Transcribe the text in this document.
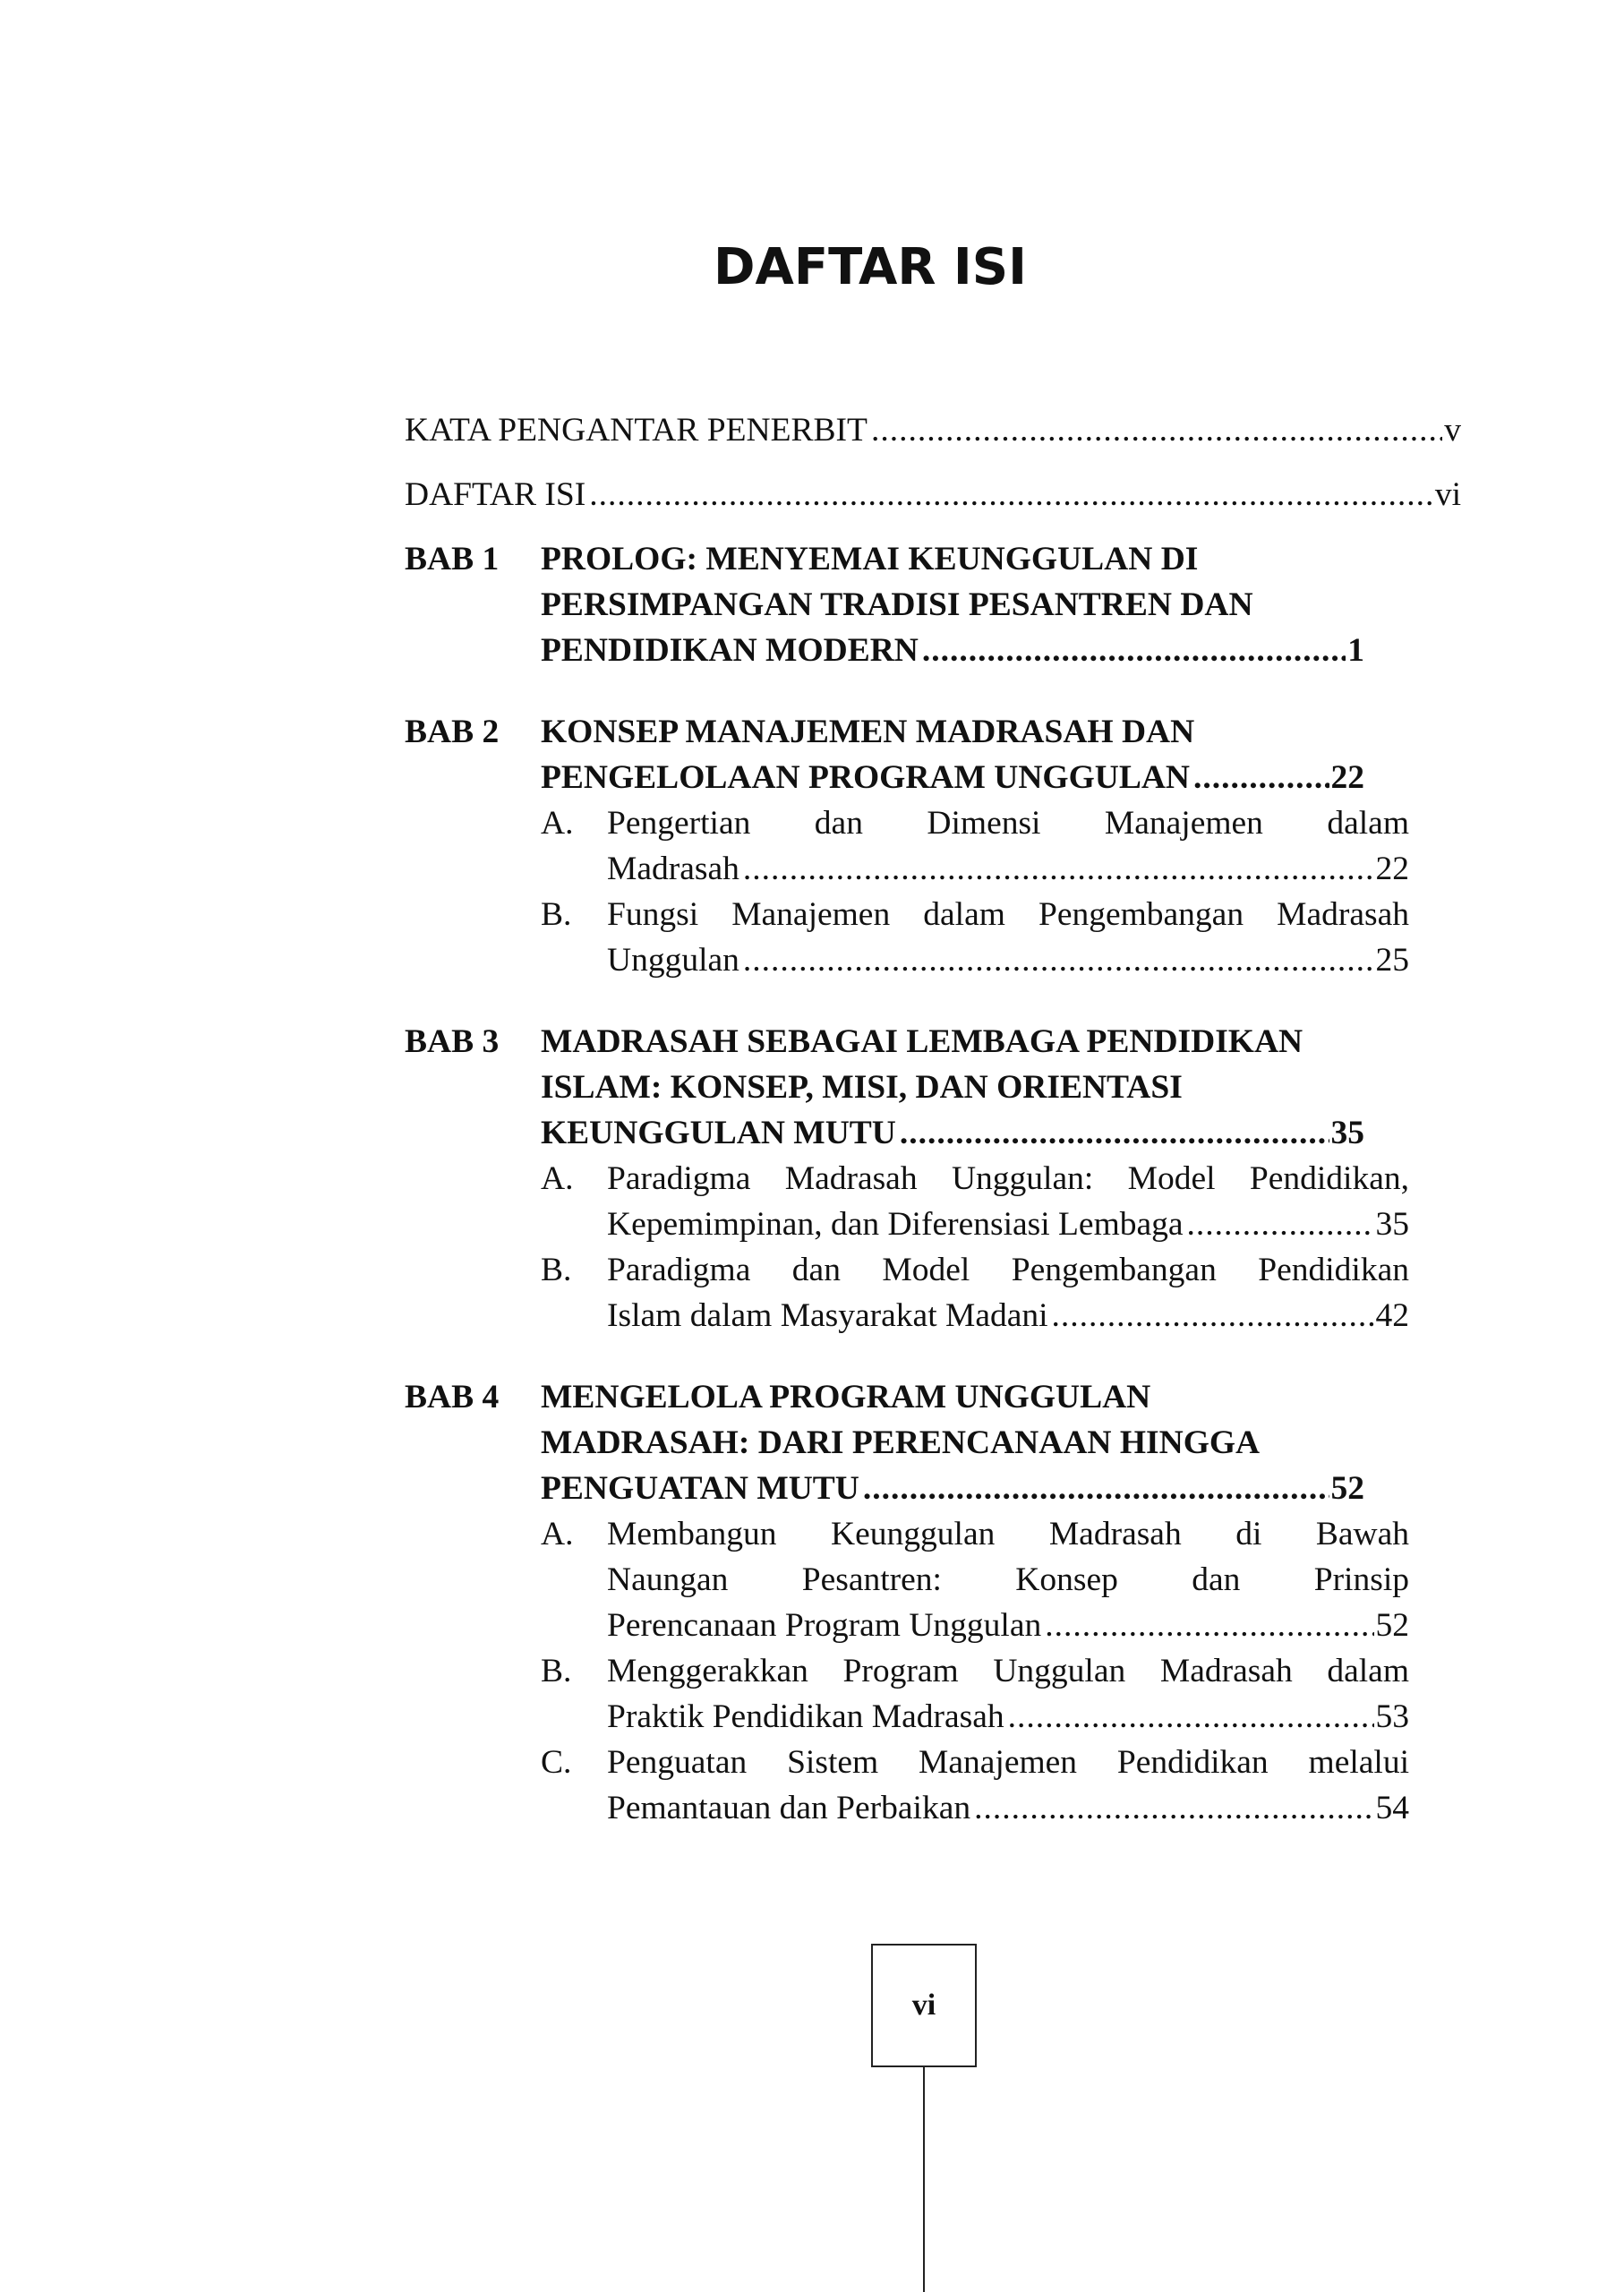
DAFTAR ISI
KATA PENGANTAR PENERBIT .....	v
DAFTAR ISI .....	vi
BAB 1	PROLOG: MENYEMAI KEUNGGULAN DI
PERSIMPANGAN TRADISI PESANTREN DAN
PENDIDIKAN MODERN .....	1
BAB 2	KONSEP MANAJEMEN MADRASAH DAN
PENGELOLAAN PROGRAM UNGGULAN .....	22
A.	Pengertian dan Dimensi Manajemen dalam
Madrasah .....	22
B.	Fungsi Manajemen dalam Pengembangan Madrasah
Unggulan .....	25
BAB 3	MADRASAH SEBAGAI LEMBAGA PENDIDIKAN
ISLAM: KONSEP, MISI, DAN ORIENTASI
KEUNGGULAN MUTU .....	35
A.	Paradigma Madrasah Unggulan: Model Pendidikan,
Kepemimpinan, dan Diferensiasi Lembaga .....	35
B.	Paradigma dan Model Pengembangan Pendidikan
Islam dalam Masyarakat Madani .....	42
BAB 4	MENGELOLA PROGRAM UNGGULAN
MADRASAH: DARI PERENCANAAN HINGGA
PENGUATAN MUTU .....	52
A.	Membangun Keunggulan Madrasah di Bawah
Naungan Pesantren: Konsep dan Prinsip
Perencanaan Program Unggulan .....	52
B.	Menggerakkan Program Unggulan Madrasah dalam
Praktik Pendidikan Madrasah .....	53
C.	Penguatan Sistem Manajemen Pendidikan melalui
Pemantauan dan Perbaikan .....	54
vi
